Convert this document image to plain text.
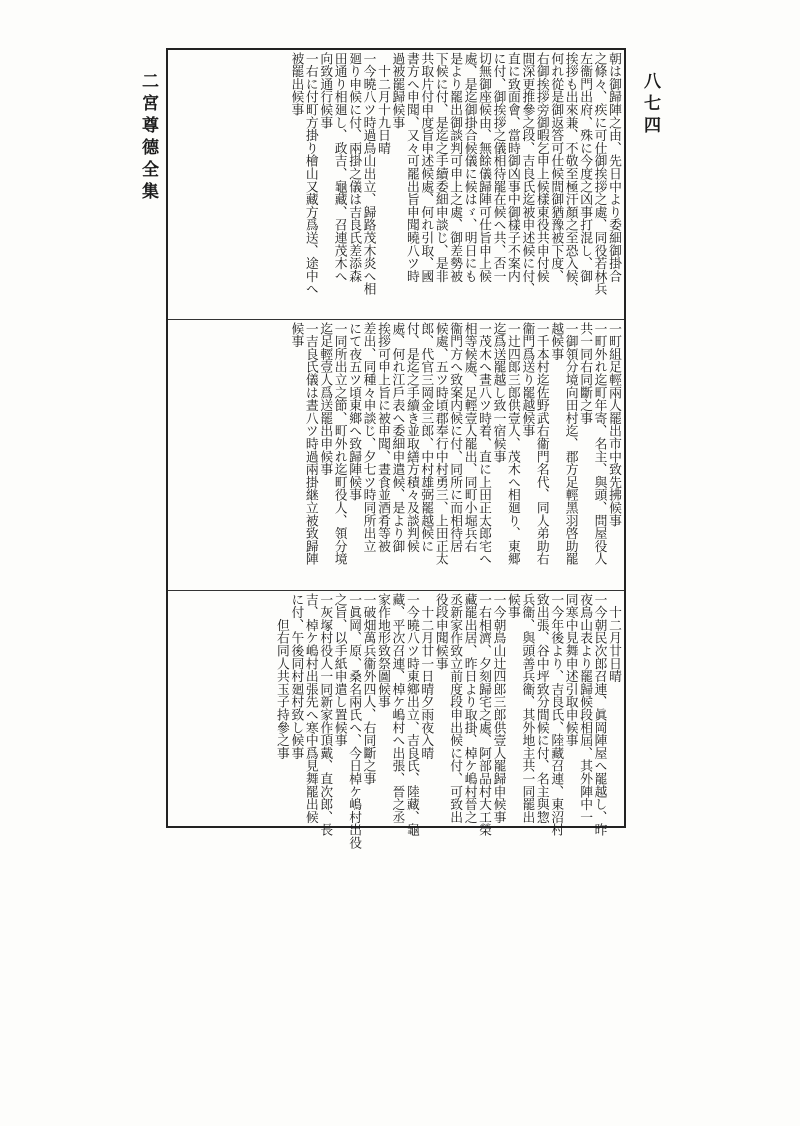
二宮尊德全集	八七四
朝は御歸陣之由、先日中より委細御掛合
之條々、疾に可仕御挨拶之處、同役若林兵
左衞門出府、殊に今度之凶事打混し、御
挨拶も出來兼、不敬至極汗顏之至恐入候、
何れ從是御返答可仕候間御猶豫被下度、
右御挨拶旁御暇乞申上候樣東役共申付候
間深更推參之段、吉良氏迄被申述候に付、
直に致面會、當時御凶事中御樣子不案内
に付、御挨拶之儀相待罷在候へ共、否一
切無御座候由、無餘儀歸陣可仕旨申上候
處、是迄御掛合候儀に候はゞ、明日にも
是より罷出御談判可申上之處、御差勢被
下候に付、是迄之手續委細申談じ、是非
共取片付申度旨申述候處、何れ引取、國
書方へ申聞、又々可罷出旨申聞曉八ツ時
過被罷歸候事
　十二月十九日晴
一今曉八ツ時過鳥山出立、歸路茂木炎へ相
廻り申候に付、兩掛之儀は吉良氏差添森
田通り相廻し、政吉、龜藏、召連茂木へ
向致通行候事
一右に付町方掛り檜山又藏方爲送、途中へ
被罷出候事
一町組足輕兩人罷出市中致先拂候事
一町外れ迄町年寄、名主、與頭、問屋役人
共一同右同斷之事
一御領分境向田村迄、郡方足輕黑羽啓助罷
越候事
一千本村迄佐野武右衞門名代、同人弟助右
衞門爲送り罷越候事
一辻四郎三郎供壹人、茂木へ相廻り、東郷
迄爲送罷越し致一宿候事
一茂木へ晝八ツ時着、直に上田正太郎宅へ
相等候處、足輕壹人罷出、同町小堀兵右
衞門方へ致案内候に付、同所に而相待居
候處、五ツ時頃郡奉行中村勇三、上田正太
郎、代官三岡金三郎、中村雄弼罷越候に
付、是迄之手續き並取繕方積々及談判候
處、何れ江戶表へ委細申遣候、是より御
挨拶可申上旨に被申聞、晝食並酒肴等被
差出、同種々申談じ、夕七ツ時同所出立
にて夜五ツ頃東鄉へ致歸陣候事
一同所出立之節、町外れ迄町役人、領分境
迄足輕壹人爲送罷出申候事
一吉良氏儀は晝八ツ時過兩掛継立被致歸陣
候事
　十二月廿日晴
一今朝民次郎召連、眞岡陣屋へ罷越し、昨
夜鳥山表より罷歸候段相屆、其外陣中一
同寒中見舞申述引取申候事
一今年後より、吉良氏、陸藏召連、東沼村
致出張、谷中坪致分間候に付、名主與惣
兵衞、與頭善兵衞、其外地主共一同罷出
候事
一今朝鳥山辻四郎三郎供壹人罷歸申候事
一右相濟、夕刻歸宅之處、阿部品村大工榮
藏罷出居、昨日より取掛、棹ケ嶋村晉之
丞新家作致立前度段申出候に付、可致出
役段申聞候事
　十二月廿一日晴夕雨夜入晴
一今曉八ツ時東鄉出立、吉良氏、陸藏、龜
藏、平次召連、棹ケ嶋村へ出張、晉之丞
家作地形致祭圖候事
一破畑萬兵衞外四人、右同斷之事
一眞岡、原、桑名兩氏へ、今日棹ケ嶋村出役
之旨、以手紙申遣し置候事
一灰塚村役人一同新家作頂戴、直次郎、長
吉、棹ケ嶋村出張先へ寒中爲見舞罷出候
に付、午後同村廻村致し候事
　　但右同人共玉子持參之事
